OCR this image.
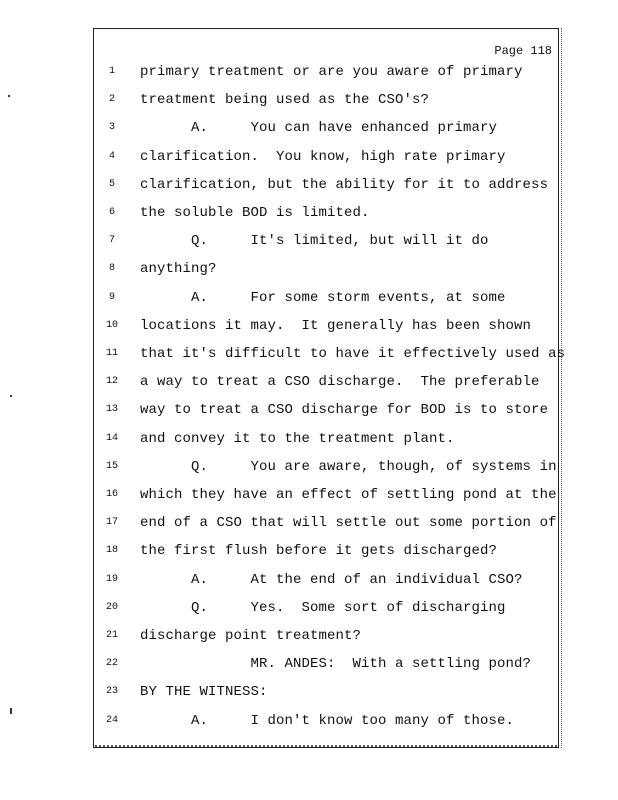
Page 118
1	primary treatment or are you aware of primary
2	treatment being used as the CSO's?
3	A.     You can have enhanced primary
4	clarification.  You know, high rate primary
5	clarification, but the ability for it to address
6	the soluble BOD is limited.
7	Q.     It's limited, but will it do
8	anything?
9	A.     For some storm events, at some
10	locations it may.  It generally has been shown
11	that it's difficult to have it effectively used as
12	a way to treat a CSO discharge.  The preferable
13	way to treat a CSO discharge for BOD is to store
14	and convey it to the treatment plant.
15	Q.     You are aware, though, of systems in
16	which they have an effect of settling pond at the
17	end of a CSO that will settle out some portion of
18	the first flush before it gets discharged?
19	A.     At the end of an individual CSO?
20	Q.     Yes.  Some sort of discharging
21	discharge point treatment?
22	MR. ANDES:  With a settling pond?
23	BY THE WITNESS:
24	A.     I don't know too many of those.
